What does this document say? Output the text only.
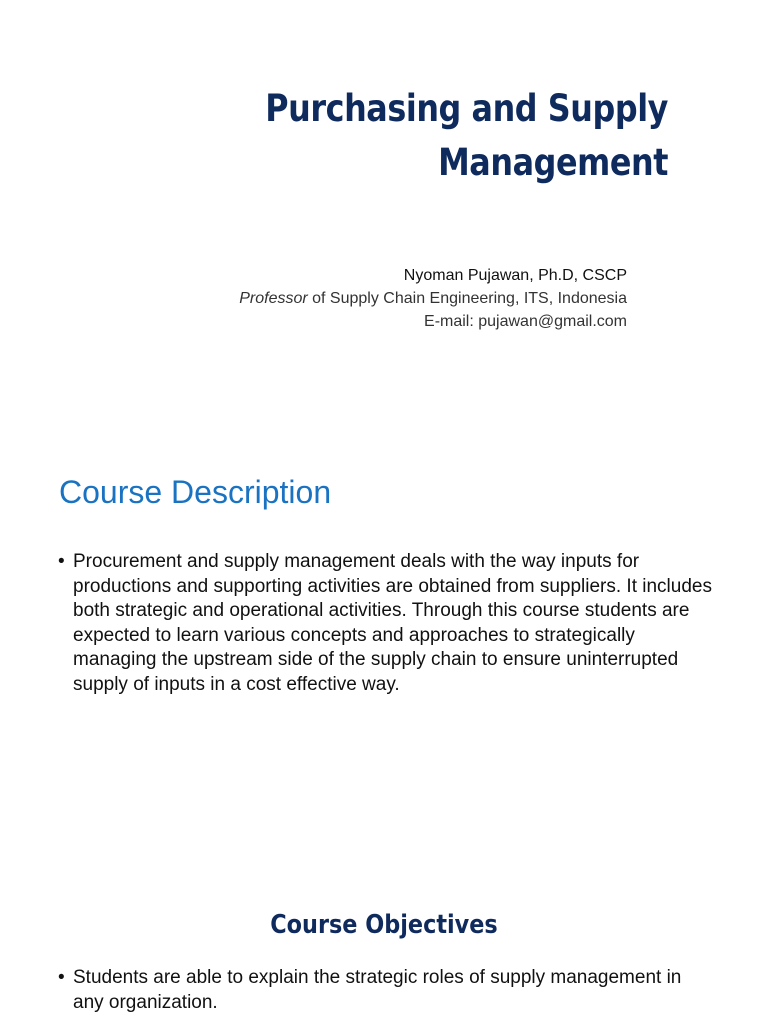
Purchasing and Supply
Management
Nyoman Pujawan, Ph.D, CSCP
Professor of Supply Chain Engineering, ITS, Indonesia
E-mail: pujawan@gmail.com
Course Description
• Procurement and supply management deals with the way inputs for productions and supporting activities are obtained from suppliers. It includes both strategic and operational activities. Through this course students are expected to learn various concepts and approaches to strategically managing the upstream side of the supply chain to ensure uninterrupted supply of inputs in a cost effective way.
Course Objectives
• Students are able to explain the strategic roles of supply management in any organization.
